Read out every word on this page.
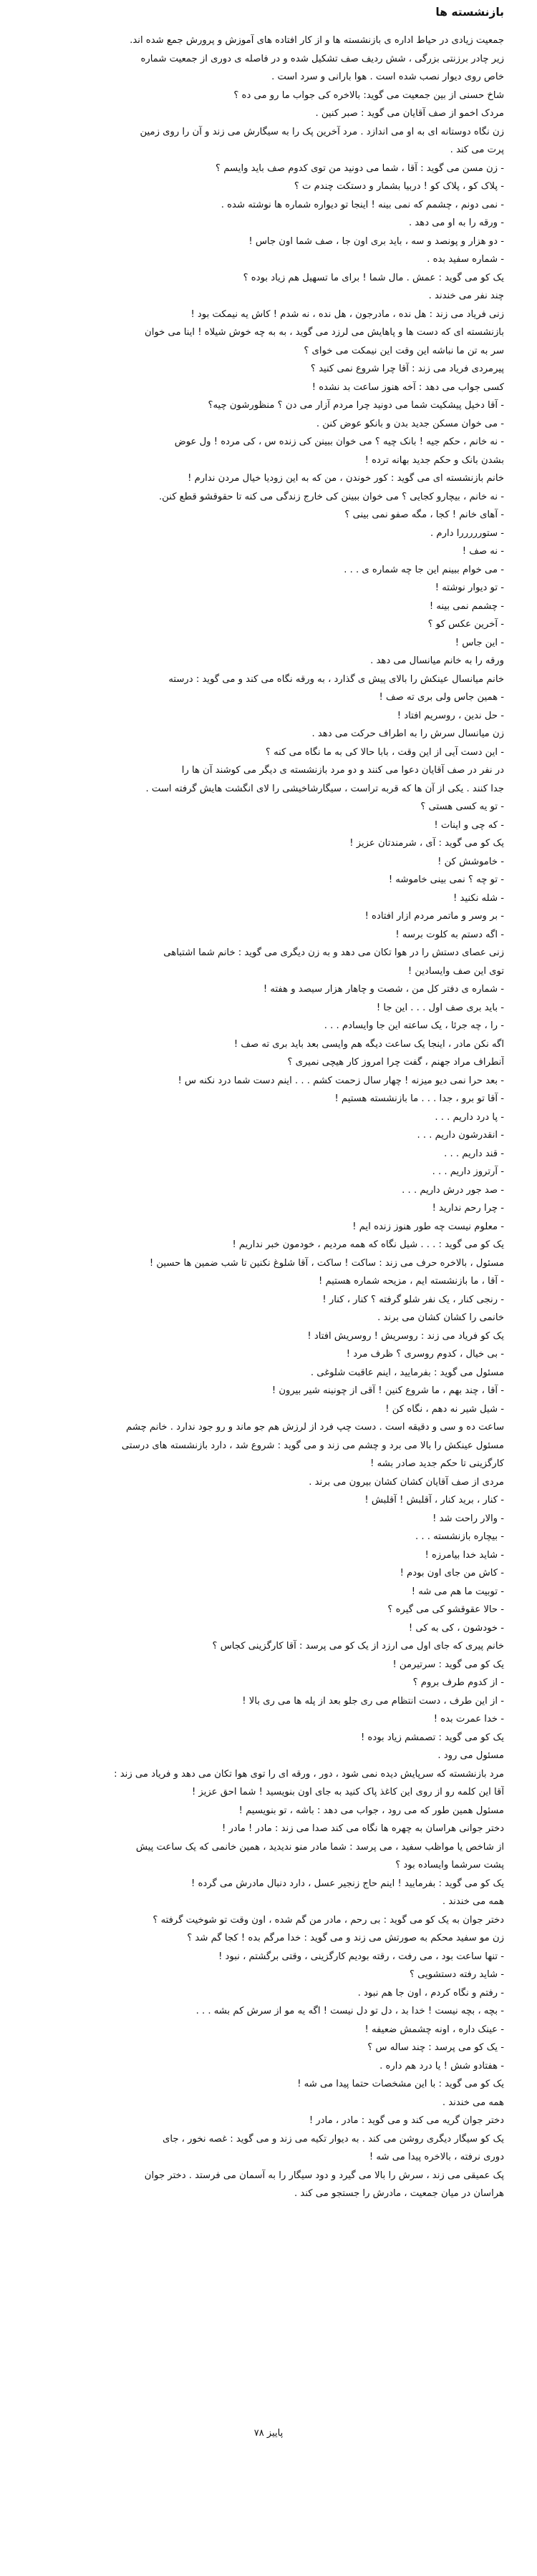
بازنشسته ها

جمعیت زیادی در حیاط اداره ی بازنشسته ها و از کار افتاده های آموزش و پرورش جمع شده اند.

زیر چادر برزنتی بزرگی ، شش ردیف صف تشکیل شده و در فاصله ی دوری از جمعیت شماره

خاص روی دیوار نصب شده است . هوا بارانی و سرد است .

شاخ حسنی از بین جمعیت می گوید: بالاخره کی جواب ما رو می ده ؟

مردک اخمو از صف آقایان می گوید : صبر کنین .

زن نگاه دوستانه ای به او می اندازد . مرد آخرین پک را به سیگارش می زند و آن را روی زمین

پرت می کند .

- زن مسن می گوید : آقا ، شما می دونید من توی کدوم صف باید وایسم ؟

- پلاک کو ، پلاک کو ! دربیا بشمار و دستکت چندم ت ؟

- نمی دونم ، چشمم که نمی بینه ! اینجا تو دیواره شماره ها نوشته شده .

- ورقه را به او می دهد .

- دو هزار و پونصد و سه ، باید بری اون جا ، صف شما اون جاس !

- شماره سفید بده .

یک کو می گوید : عمش . مال شما ! برای ما تسهیل هم زیاد بوده ؟

چند نفر می خندند .

زنی فریاد می زند : هل نده ، مادرجون ، هل نده ، نه شدم ! کاش یه نیمکت بود !

بازنشسته ای که دست ها و پاهایش می لرزد می گوید ، به به چه خوش شیلاه ! اینا می خوان

سر به تن ما نباشه این وقت این نیمکت می خوای ؟

پیرمردی فریاد می زند : آقا چرا شروع نمی کنید ؟

کسی جواب می دهد : آخه هنوز ساعت بد نشده !

- آقا دخیل پیشکیت شما می دونید چرا مردم آزار می دن ؟ منظورشون چیه؟

- می خوان مسکن جدید بدن و بانکو عوض کنن .

- نه خانم ، حکم جیه ! بانک چیه ؟ می خوان ببینن کی زنده س ، کی مرده ! ول عوض

بشدن بانک و حکم جدید بهانه ترده !

خانم بازنشسته ای می گوید : کور خوندن ، من که به این زودیا خیال مردن ندارم !

- نه خانم ، بیچارو کجایی ؟ می خوان ببینن کی خارج زندگی می کنه تا حقوقشو قطع کنن.

- آهای خانم ! کجا ، مگه صفو نمی بینی ؟

- ستورررررا دارم .

- نه صف !

- می خوام ببینم این جا چه شماره ی . . .

- تو دیوار نوشته !

- چشمم نمی بینه !

- آخرین عکس کو ؟

- این جاس !

ورقه را به خانم میانسال می دهد .

خانم میانسال عینکش را بالای پیش ی گذارد ، به ورقه نگاه می کند و می گوید : درسته

- همین جاس ولی بری ته صف !

- حل ندین ، روسریم افتاد !

زن میانسال سرش را به اطراف حرکت می دهد .

- این دست آیی از این وقت ، بابا حالا کی به ما نگاه می کنه ؟

در نفر در صف آقایان دعوا می کنند و دو مرد بازنشسته ی دیگر می کوشند آن ها را

جدا کنند . یکی از آن ها که قربه تراست ، سیگارشاخیشی را لای انگشت هایش گرفته است .

- تو یه کسی هستی ؟

- که چی و اینات !

یک کو می گوید : آی ، شرمندتان عزیز !

- خاموشش کن !

- تو چه ؟ نمی بینی خاموشه !

- شله نکنید !

- بر وسر و ماتمر مردم ازار افتاده !

- اگه دستم به کلوت برسه !

زنی عصای دستش را در هوا تکان می دهد و به زن دیگری می گوید : خانم شما اشتباهی

توی این صف وایسادین !

- شماره ی دفتر کل من ، شصت و چاهار هزار سیصد و هفته !

- باید بری صف اول . . . این جا !

- را ، چه جرئا ، یک ساعته این جا وایسادم . . .

اگه نکن مادر ، اینجا یک ساعت دیگه هم وایسی بعد باید بری ته صف !

آنطراف مراد جهنم ، گفت چرا امروز کار هیچی نمیری ؟

- بعد حرا نمی دیو میزنه ! چهار سال زحمت کشم . . . اینم دست شما درد نکنه س !

- آقا تو برو ، جدا . . . ما بازنشسته هستیم !

- پا درد داریم . . .

- انقدرشون داریم . . .

- قند داریم . . .

- آرتروز داریم . . .

- صد جور درش داریم . . .

- چرا رحم ندارید !

- معلوم نیست چه طور هنوز زنده ایم !

یک کو می گوید : . . . شیل نگاه که همه مردیم ، خودمون خبر نداریم !

مسئول ، بالاخره حرف می زند : ساکت ! ساکت ، آقا شلوغ نکنین تا شب ضمین ها حسین !

- آقا ، ما بازنشسته ایم ، مزیحه شماره هستیم !

- رنجی کنار ، یک نفر شلو گرفته ؟ کنار ، کنار !

خانمی را کشان کشان می برند .

یک کو فریاد می زند : روسریش ! روسریش افتاد !

- بی خیال ، کدوم روسری ؟ ظرف مرد !

مسئول می گوید : بفرمایید ، اینم عاقبت شلوغی .

- آقا ، چند بهم ، ما شروع کنین ! آقی از چونینه شیر بیرون !

- شیل شیر نه دهم ، نگاه کن !

ساعت ده و سی و دقیقه است . دست چپ فرد از لرزش هم جو ماند و رو جود ندارد . خانم چشم

مسئول عینکش را بالا می برد و چشم می زند و می گوید : شروع شد ، دارد بازنشسته های درستی

کارگزینی تا حکم جدید صادر بشه !

مردی از صف آقایان کشان کشان بیرون می برند .

- کنار ، برید کنار ، آقلبش ! آقلبش !

- والار راحت شد !

- بیچاره بازنشسته . . .

- شاید خدا بیامرزه !

- کاش من جای اون بودم !

- توبیت ما هم می شه !

- حالا عقوقشو کی می گیره ؟

- خودشون ، کی به کی !

خانم پیری که جای اول می ارزد از یک کو می پرسد : آقا کارگزینی کجاس ؟

یک کو می گوید : سرتیرمن !

- از کدوم طرف بروم ؟

- از این طرف ، دست انتظام می ری جلو بعد از پله ها می ری بالا !

- خدا عمرت بده !

یک کو می گوید : تصمشم زیاد بوده !

مسئول می رود .

مرد بازنشسته که سرپایش دیده نمی شود ، دور ، ورقه ای را توی هوا تکان می دهد و فریاد می زند :

آقا این کلمه رو از روی این کاغذ پاک کنید به جای اون بنویسید ! شما احق عزیز !

مسئول همین طور که می رود ، جواب می دهد : باشه ، تو بنویسیم !

دختر جوانی هراسان به چهره ها نگاه می کند صدا می زند : مادر ! مادر !

از شاخص یا مواظب سفید ، می پرسد : شما مادر منو ندیدید ، همین خانمی که یک ساعت پیش

پشت سرشما وایساده بود ؟

یک کو می گوید : بفرمایید ! اینم حاج زنجیر عسل ، دارد دنبال مادرش می گرده !

همه می خندند .

دختر جوان به یک کو می گوید : بی رحم ، مادر من گم شده ، اون وقت تو شوخیت گرفته ؟

زن مو سفید محکم به صورتش می زند و می گوید : خدا مرگم بده ! کجا گم شد ؟

- تنها ساعت بود ، می رفت ، رقته بودیم کارگزینی ، وقتی برگشتم ، نبود !

- شاید رفته دستشویی ؟

- رفتم و نگاه کردم ، اون جا هم نبود .

- بچه ، بچه نیست ! خدا بد ، دل تو دل نیست ! اگه یه مو از سرش کم بشه . . .

- عینک داره ، اونه چشمش ضعیفه !

- یک کو می پرسد : چند ساله س ؟

- هفتادو شش ! یا درد هم داره .

یک کو می گوید : با این مشخصات حتما پیدا می شه !

همه می خندند .

دختر جوان گریه می کند و می گوید : مادر ، مادر !

یک کو سیگار دیگری روشن می کند . به دیوار تکیه می زند و می گوید : غصه نخور ، جای

دوری نرفته ، بالاخره پیدا می شه !

پک عمیقی می زند ، سرش را بالا می گیرد و دود سیگار را به آسمان می فرستد . دختر جوان

هراسان در میان جمعیت ، مادرش را جستجو می کند .

پاییز ۷۸
